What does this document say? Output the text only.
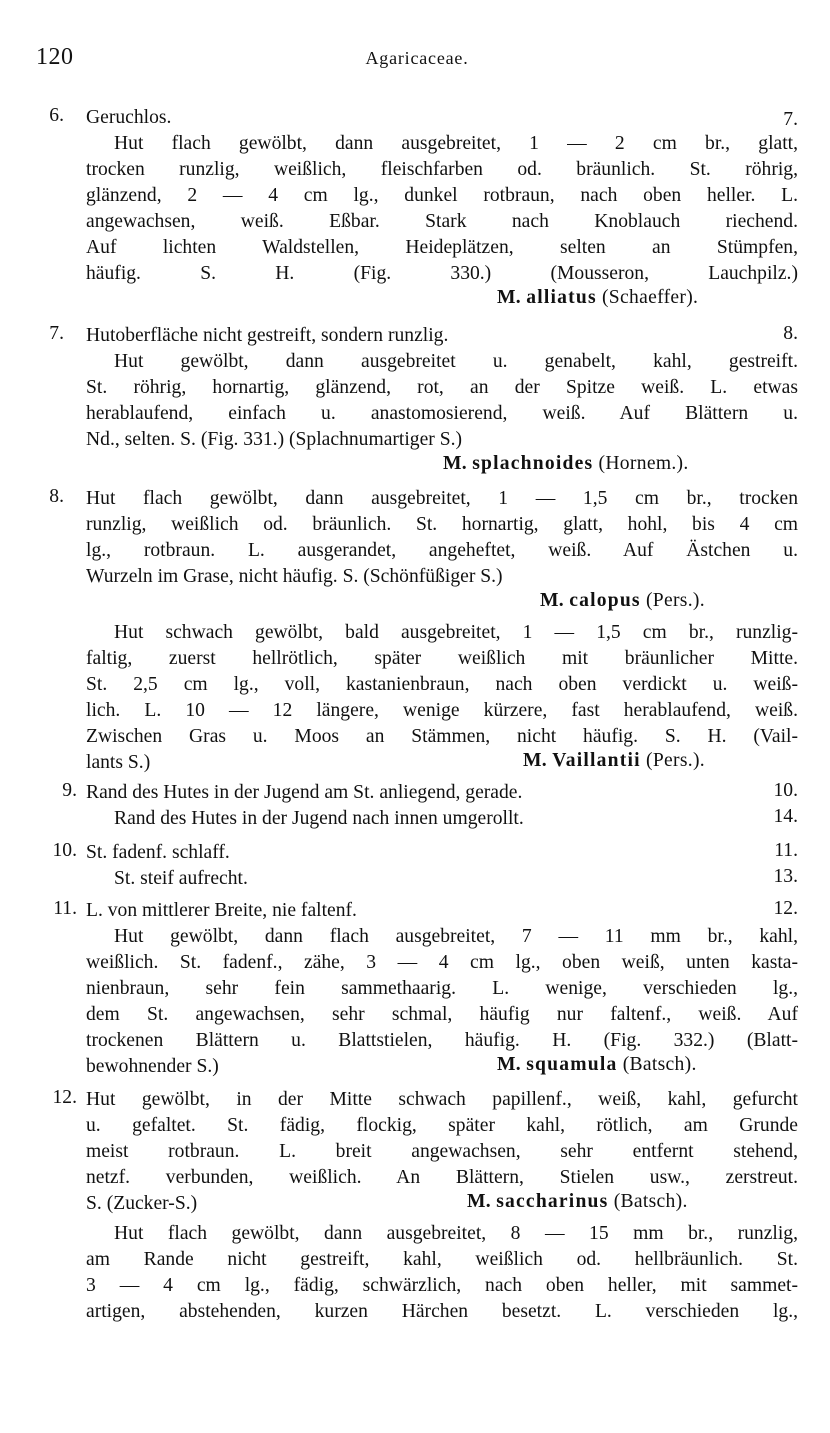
120	Agaricaceae.
6. Geruchlos.	7.
Hut flach gewölbt, dann ausgebreitet, 1 — 2 cm br., glatt,
trocken runzlig, weißlich, fleischfarben od. bräunlich. St. röhrig,
glänzend, 2 — 4 cm lg., dunkel rotbraun, nach oben heller. L.
angewachsen, weiß. Eßbar. Stark nach Knoblauch riechend.
Auf lichten Waldstellen, Heideplätzen, selten an Stümpfen,
häufig. S. H. (Fig. 330.) (Mousseron, Lauchpilz.)
M. alliatus (Schaeffer).
7. Hutoberfläche nicht gestreift, sondern runzlig.	8.
Hut gewölbt, dann ausgebreitet u. genabelt, kahl, gestreift.
St. röhrig, hornartig, glänzend, rot, an der Spitze weiß. L. etwas
herablaufend, einfach u. anastomosierend, weiß. Auf Blättern u.
Nd., selten. S. (Fig. 331.) (Splachnumartiger S.)
M. splachnoides (Hornem.).
8. Hut flach gewölbt, dann ausgebreitet, 1 — 1,5 cm br., trocken
runzlig, weißlich od. bräunlich. St. hornartig, glatt, hohl, bis 4 cm
lg., rotbraun. L. ausgerandet, angeheftet, weiß. Auf Ästchen u.
Wurzeln im Grase, nicht häufig. S. (Schönfüßiger S.)
M. calopus (Pers.).
Hut schwach gewölbt, bald ausgebreitet, 1 — 1,5 cm br., runzlig-
faltig, zuerst hellrötlich, später weißlich mit bräunlicher Mitte.
St. 2,5 cm lg., voll, kastanienbraun, nach oben verdickt u. weiß-
lich. L. 10 — 12 längere, wenige kürzere, fast herablaufend, weiß.
Zwischen Gras u. Moos an Stämmen, nicht häufig. S. H. (Vail-
lants S.)	M. Vaillantii (Pers.).
9. Rand des Hutes in der Jugend am St. anliegend, gerade.	10.
Rand des Hutes in der Jugend nach innen umgerollt.	14.
10. St. fadenf. schlaff.	11.
St. steif aufrecht.	13.
11. L. von mittlerer Breite, nie faltenf.	12.
Hut gewölbt, dann flach ausgebreitet, 7 — 11 mm br., kahl,
weißlich. St. fadenf., zähe, 3 — 4 cm lg., oben weiß, unten kasta-
nienbraun, sehr fein sammethaarig. L. wenige, verschieden lg.,
dem St. angewachsen, sehr schmal, häufig nur faltenf., weiß. Auf
trockenen Blättern u. Blattstielen, häufig. H. (Fig. 332.) (Blatt-
bewohnender S.)	M. squamula (Batsch).
12. Hut gewölbt, in der Mitte schwach papillenf., weiß, kahl, gefurcht
u. gefaltet. St. fädig, flockig, später kahl, rötlich, am Grunde
meist rotbraun. L. breit angewachsen, sehr entfernt stehend,
netzf. verbunden, weißlich. An Blättern, Stielen usw., zerstreut.
S. (Zucker-S.)	M. saccharinus (Batsch).
Hut flach gewölbt, dann ausgebreitet, 8 — 15 mm br., runzlig,
am Rande nicht gestreift, kahl, weißlich od. hellbräunlich. St.
3 — 4 cm lg., fädig, schwärzlich, nach oben heller, mit sammet-
artigen, abstehenden, kurzen Härchen besetzt. L. verschieden lg.,
